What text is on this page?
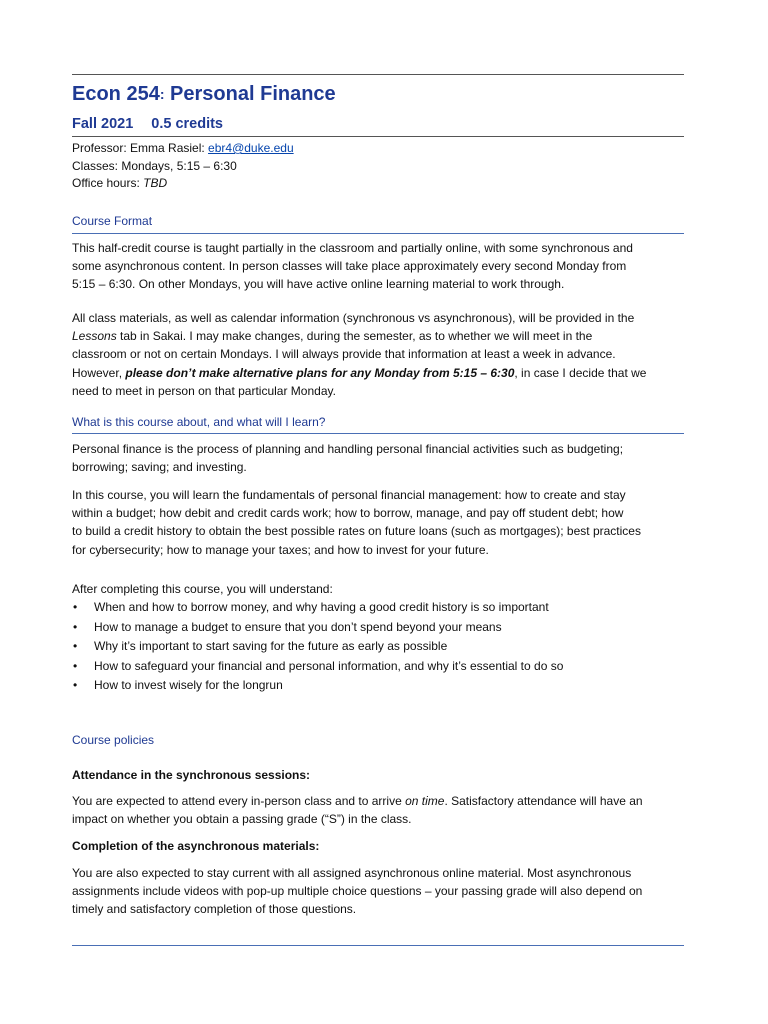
Econ 254: Personal Finance
Fall 2021 0.5 credits
Professor: Emma Rasiel: ebr4@duke.edu
Classes: Mondays, 5:15 – 6:30
Office hours: TBD
Course Format
This half-credit course is taught partially in the classroom and partially online, with some synchronous and
some asynchronous content. In person classes will take place approximately every second Monday from
5:15 – 6:30. On other Mondays, you will have active online learning material to work through.
All class materials, as well as calendar information (synchronous vs asynchronous), will be provided in the
Lessons tab in Sakai. I may make changes, during the semester, as to whether we will meet in the
classroom or not on certain Mondays. I will always provide that information at least a week in advance.
However, please don’t make alternative plans for any Monday from 5:15 – 6:30, in case I decide that we
need to meet in person on that particular Monday.
What is this course about, and what will I learn?
Personal finance is the process of planning and handling personal financial activities such as budgeting;
borrowing; saving; and investing.
In this course, you will learn the fundamentals of personal financial management: how to create and stay
within a budget; how debit and credit cards work; how to borrow, manage, and pay off student debt; how
to build a credit history to obtain the best possible rates on future loans (such as mortgages); best practices
for cybersecurity; how to manage your taxes; and how to invest for your future.
After completing this course, you will understand:
• When and how to borrow money, and why having a good credit history is so important
• How to manage a budget to ensure that you don’t spend beyond your means
• Why it’s important to start saving for the future as early as possible
• How to safeguard your financial and personal information, and why it’s essential to do so
• How to invest wisely for the longrun
Course policies
Attendance in the synchronous sessions:
You are expected to attend every in-person class and to arrive on time. Satisfactory attendance will have an
impact on whether you obtain a passing grade (“S”) in the class.
Completion of the asynchronous materials:
You are also expected to stay current with all assigned asynchronous online material. Most asynchronous
assignments include videos with pop-up multiple choice questions – your passing grade will also depend on
timely and satisfactory completion of those questions.
